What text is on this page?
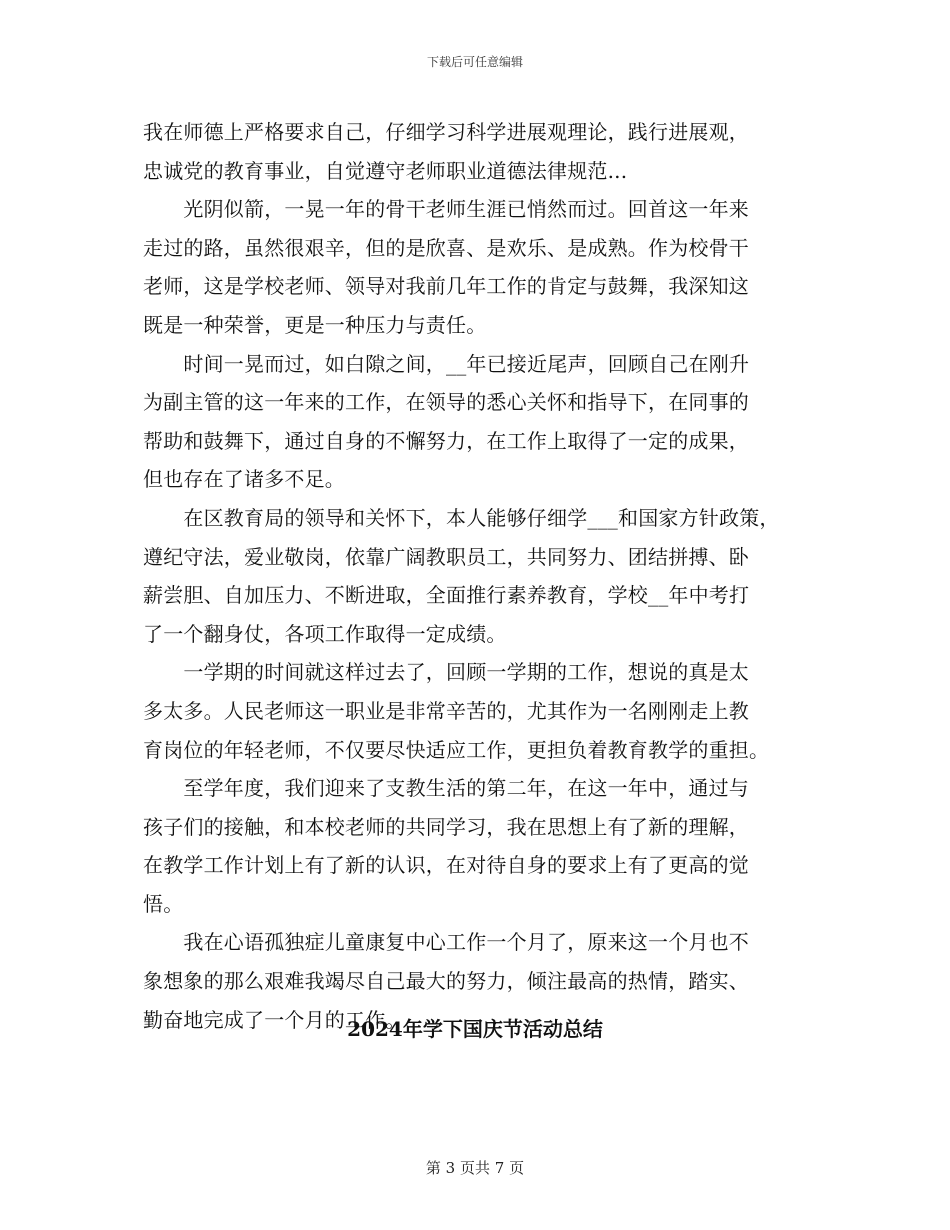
下载后可任意编辑

我在师德上严格要求自己，仔细学习科学进展观理论，践行进展观，
忠诚党的教育事业，自觉遵守老师职业道德法律规范...

　　光阴似箭，一晃一年的骨干老师生涯已悄然而过。回首这一年来
走过的路，虽然很艰辛，但的是欣喜、是欢乐、是成熟。作为校骨干
老师，这是学校老师、领导对我前几年工作的肯定与鼓舞，我深知这
既是一种荣誉，更是一种压力与责任。

　　时间一晃而过，如白隙之间，__年已接近尾声，回顾自己在刚升
为副主管的这一年来的工作，在领导的悉心关怀和指导下，在同事的
帮助和鼓舞下，通过自身的不懈努力，在工作上取得了一定的成果，
但也存在了诸多不足。

　　在区教育局的领导和关怀下，本人能够仔细学___和国家方针政策，
遵纪守法，爱业敬岗，依靠广阔教职员工，共同努力、团结拼搏、卧
薪尝胆、自加压力、不断进取，全面推行素养教育，学校__年中考打
了一个翻身仗，各项工作取得一定成绩。

　　一学期的时间就这样过去了，回顾一学期的工作，想说的真是太
多太多。人民老师这一职业是非常辛苦的，尤其作为一名刚刚走上教
育岗位的年轻老师，不仅要尽快适应工作，更担负着教育教学的重担。

　　至学年度，我们迎来了支教生活的第二年，在这一年中，通过与
孩子们的接触，和本校老师的共同学习，我在思想上有了新的理解，
在教学工作计划上有了新的认识，在对待自身的要求上有了更高的觉
悟。

　　我在心语孤独症儿童康复中心工作一个月了，原来这一个月也不
象想象的那么艰难我竭尽自己最大的努力，倾注最高的热情，踏实、
勤奋地完成了一个月的工作。

2024年学下国庆节活动总结
第 3 页共 7 页
